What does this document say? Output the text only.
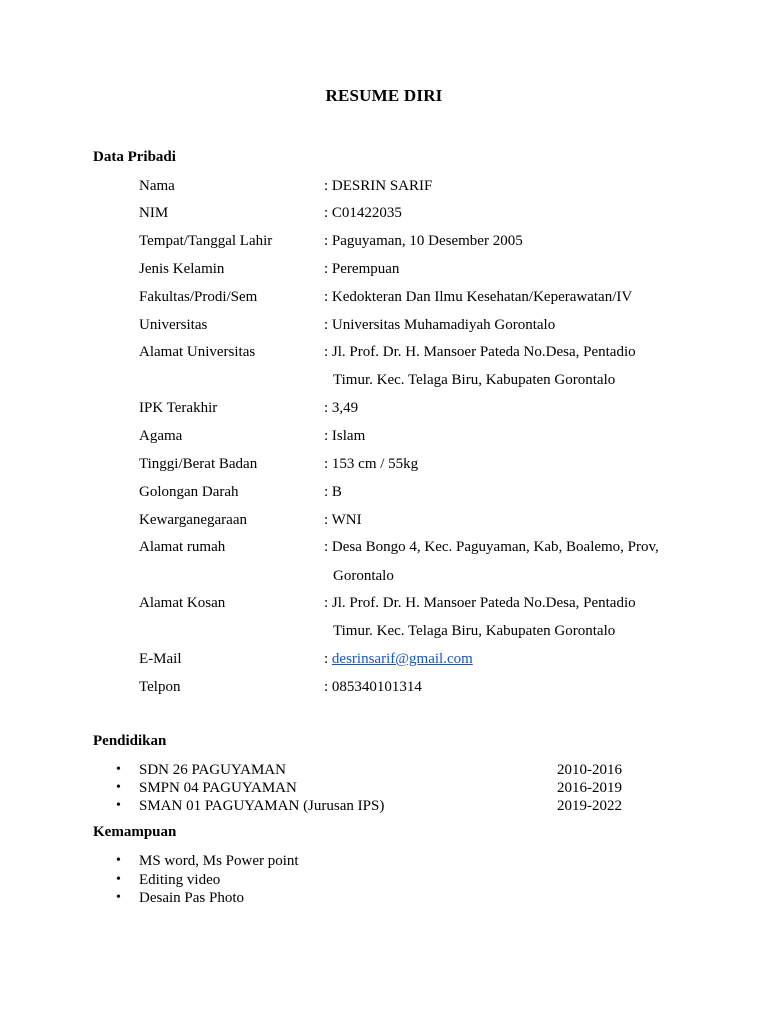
RESUME DIRI
Data Pribadi
Nama	: DESRIN SARIF
NIM	: C01422035
Tempat/Tanggal Lahir	: Paguyaman, 10 Desember 2005
Jenis Kelamin	: Perempuan
Fakultas/Prodi/Sem	: Kedokteran Dan Ilmu Kesehatan/Keperawatan/IV
Universitas	: Universitas Muhamadiyah Gorontalo
Alamat Universitas	: Jl. Prof. Dr. H. Mansoer Pateda No.Desa, Pentadio
Timur. Kec. Telaga Biru, Kabupaten Gorontalo
IPK Terakhir	: 3,49
Agama	: Islam
Tinggi/Berat Badan	: 153 cm / 55kg
Golongan Darah	: B
Kewarganegaraan	: WNI
Alamat rumah	: Desa Bongo 4, Kec. Paguyaman, Kab, Boalemo, Prov,
Gorontalo
Alamat Kosan	: Jl. Prof. Dr. H. Mansoer Pateda No.Desa, Pentadio
Timur. Kec. Telaga Biru, Kabupaten Gorontalo
E-Mail	: desrinsarif@gmail.com
Telpon	: 085340101314
Pendidikan
• SDN 26 PAGUYAMAN	2010-2016
• SMPN 04 PAGUYAMAN	2016-2019
• SMAN 01 PAGUYAMAN (Jurusan IPS)	2019-2022
Kemampuan
• MS word, Ms Power point
• Editing video
• Desain Pas Photo
